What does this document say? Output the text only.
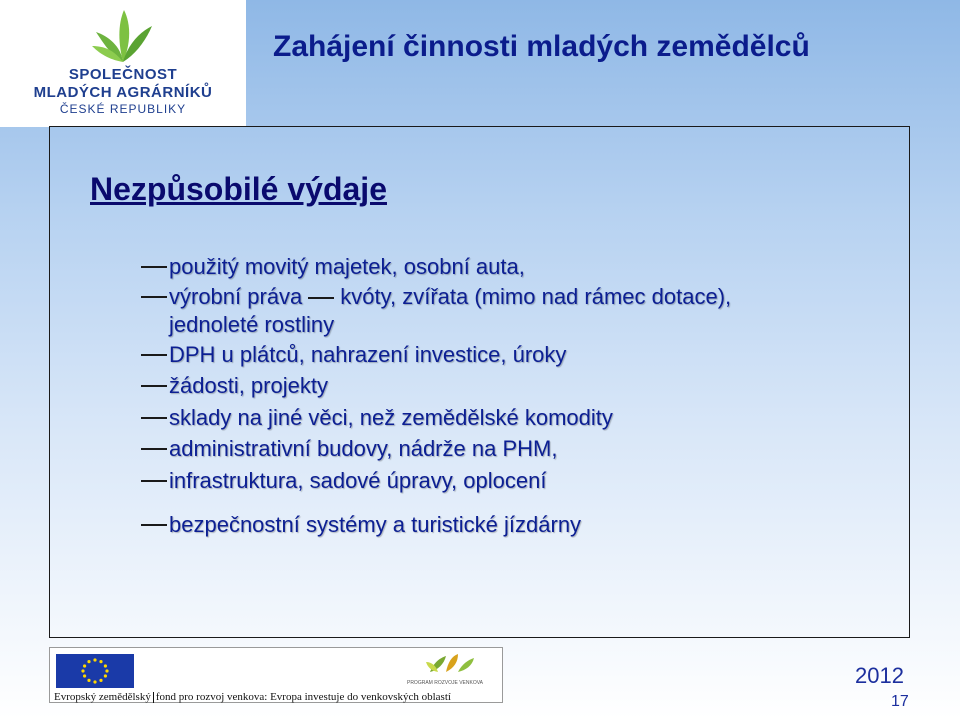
SPOLEČNOST
MLADÝCH AGRÁRNÍKŮ
ČESKÉ REPUBLIKY
Zahájení činnosti mladých zemědělců
Nezpůsobilé výdaje
použitý movitý majetek, osobní auta,
výrobní práva kvóty, zvířata (mimo nad rámec dotace),
jednoleté rostliny
DPH u plátců, nahrazení investice, úroky
žádosti, projekty
sklady na jiné věci, než zemědělské komodity
administrativní budovy, nádrže na PHM,
infrastruktura, sadové úpravy, oplocení
bezpečnostní systémy a turistické jízdárny
PROGRAM ROZVOJE VENKOVA
Evropský zemědělský fond pro rozvoj venkova: Evropa investuje do venkovských oblastí
2012
17
